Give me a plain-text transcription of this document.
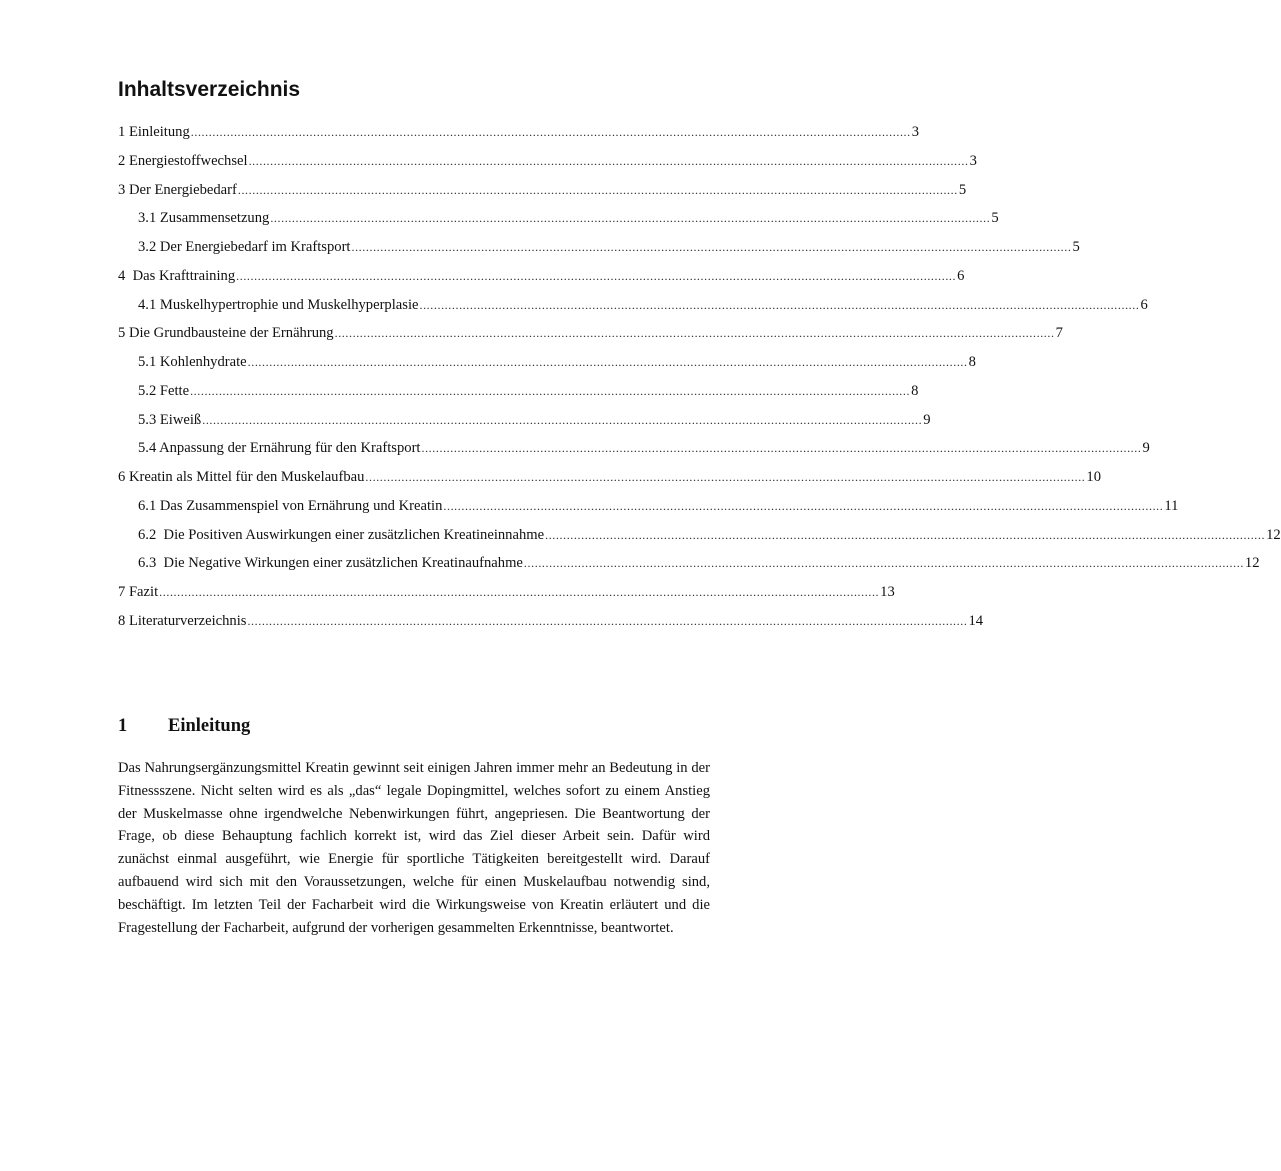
Inhaltsverzeichnis
1 Einleitung ........................................................................................................................................................................................................ 3
2 Energiestoffwechsel ........................................................................................................................................................................................................ 3
3 Der Energiebedarf ........................................................................................................................................................................................................ 5
3.1 Zusammensetzung ........................................................................................................................................................................................................ 5
3.2 Der Energiebedarf im Kraftsport ........................................................................................................................................................................................................ 5
4  Das Krafttraining ........................................................................................................................................................................................................ 6
4.1 Muskelhypertrophie und Muskelhyperplasie ........................................................................................................................................................................................................ 6
5 Die Grundbausteine der Ernährung ........................................................................................................................................................................................................ 7
5.1 Kohlenhydrate ........................................................................................................................................................................................................ 8
5.2 Fette ........................................................................................................................................................................................................ 8
5.3 Eiweiß ........................................................................................................................................................................................................ 9
5.4 Anpassung der Ernährung für den Kraftsport ........................................................................................................................................................................................................ 9
6 Kreatin als Mittel für den Muskelaufbau ........................................................................................................................................................................................................ 10
6.1 Das Zusammenspiel von Ernährung und Kreatin ........................................................................................................................................................................................................ 11
6.2  Die Positiven Auswirkungen einer zusätzlichen Kreatineinnahme ........................................................................................................................................................................................................ 12
6.3  Die Negative Wirkungen einer zusätzlichen Kreatinaufnahme ........................................................................................................................................................................................................ 12
7 Fazit ........................................................................................................................................................................................................ 13
8 Literaturverzeichnis ........................................................................................................................................................................................................ 14
1	Einleitung

Das Nahrungsergänzungsmittel Kreatin gewinnt seit einigen Jahren immer mehr an Bedeutung in der Fitnessszene. Nicht selten wird es als „das“ legale Dopingmittel, welches sofort zu einem Anstieg der Muskelmasse ohne irgendwelche Nebenwirkungen führt, angepriesen. Die Beantwortung der Frage, ob diese Behauptung fachlich korrekt ist, wird das Ziel dieser Arbeit sein. Dafür wird zunächst einmal ausgeführt, wie Energie für sportliche Tätigkeiten bereitgestellt wird. Darauf aufbauend wird sich mit den Voraussetzungen, welche für einen Muskelaufbau notwendig sind, beschäftigt. Im letzten Teil der Facharbeit wird die Wirkungsweise von Kreatin erläutert und die Fragestellung der Facharbeit, aufgrund der vorherigen gesammelten Erkenntnisse, beantwortet.
